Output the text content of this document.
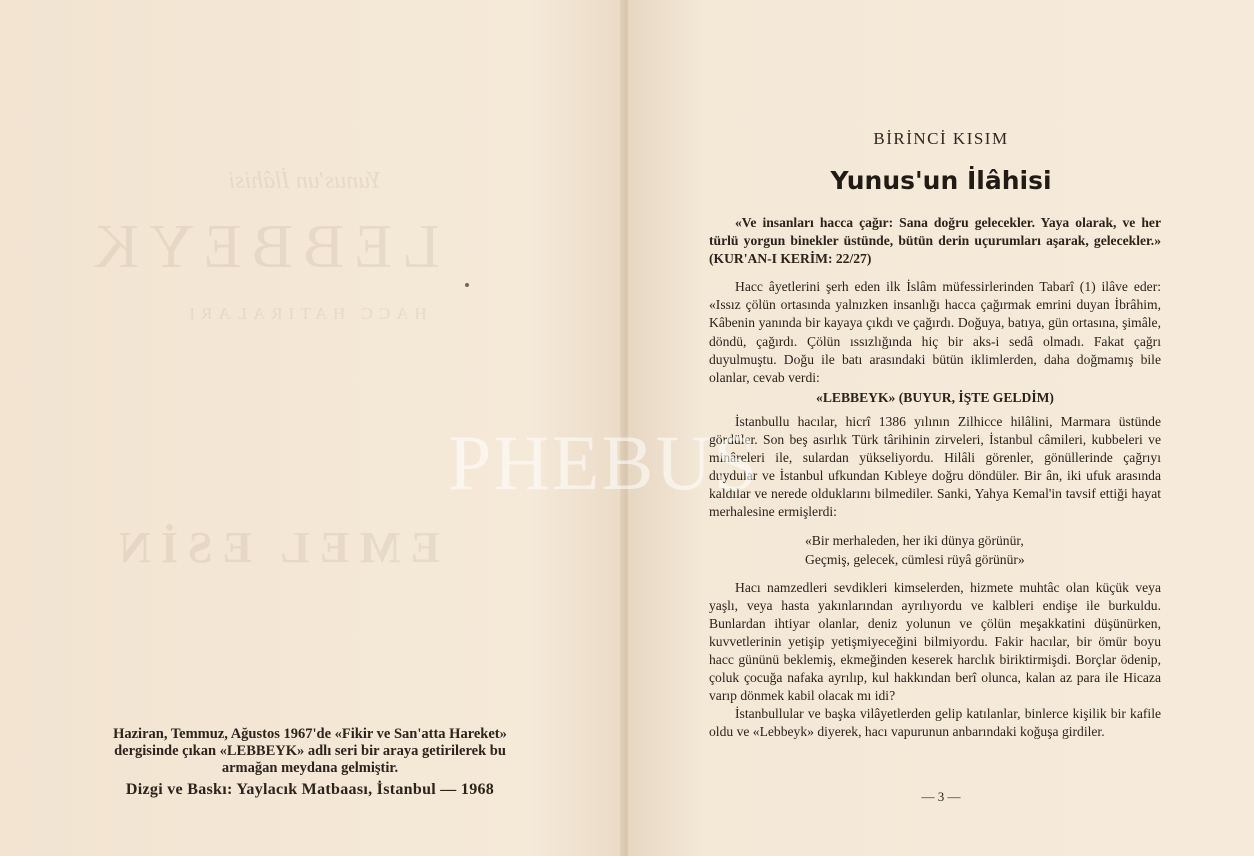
Yunus'un İlâhisi
LEBBEYK
HACC HATIRALARI
EMEL ESİN
Haziran, Temmuz, Ağustos 1967'de «Fikir ve San'atta Hareket»
dergisinde çıkan «LEBBEYK» adlı seri bir araya getirilerek bu
armağan meydana gelmiştir.
Dizgi ve Baskı: Yaylacık Matbaası, İstanbul — 1968
BİRİNCİ KISIM
Yunus'un İlâhisi

«Ve insanları hacca çağır: Sana doğru gelecekler. Yaya olarak, ve her türlü yorgun binekler üstünde, bütün derin uçurumları aşarak, gelecekler.» (KUR'AN-I KERİM: 22/27)

Hacc âyetlerini şerh eden ilk İslâm müfessirlerinden Tabarî (1) ilâve eder: «Issız çölün ortasında yalnızken insanlığı hacca çağırmak emrini duyan İbrâhim, Kâbenin yanında bir kayaya çıkdı ve çağırdı. Doğuya, batıya, gün ortasına, şimâle, döndü, çağırdı. Çölün ıssızlığında hiç bir aks-i sedâ olmadı. Fakat çağrı duyulmuştu. Doğu ile batı arasındaki bütün iklimlerden, daha doğmamış bile olanlar, cevab verdi:

«LEBBEYK» (BUYUR, İŞTE GELDİM)

İstanbullu hacılar, hicrî 1386 yılının Zilhicce hilâlini, Marmara üstünde gördüler. Son beş asırlık Türk târihinin zirveleri, İstanbul câmileri, kubbeleri ve minâreleri ile, sulardan yükseliyordu. Hilâli görenler, gönüllerinde çağrıyı duydular ve İstanbul ufkundan Kıbleye doğru döndüler. Bir ân, iki ufuk arasında kaldılar ve nerede olduklarını bilmediler. Sanki, Yahya Kemal'in tavsif ettiği hayat merhalesine ermişlerdi:

«Bir merhaleden, her iki dünya görünür,
Geçmiş, gelecek, cümlesi rüyâ görünür»

Hacı namzedleri sevdikleri kimselerden, hizmete muhtâc olan küçük veya yaşlı, veya hasta yakınlarından ayrılıyordu ve kalbleri endişe ile burkuldu. Bunlardan ihtiyar olanlar, deniz yolunun ve çölün meşakkatini düşünürken, kuvvetlerinin yetişip yetişmiyeceğini bilmiyordu. Fakir hacılar, bir ömür boyu hacc gününü beklemiş, ekmeğinden keserek harclık biriktirmişdi. Borçlar ödenip, çoluk çocuğa nafaka ayrılıp, kul hakkından berî olunca, kalan az para ile Hicaza varıp dönmek kabil olacak mı idi?

İstanbullular ve başka vilâyetlerden gelip katılanlar, binlerce kişilik bir kafile oldu ve «Lebbeyk» diyerek, hacı vapurunun anbarındaki koğuşa girdiler.

— 3 —
PHEBUS
